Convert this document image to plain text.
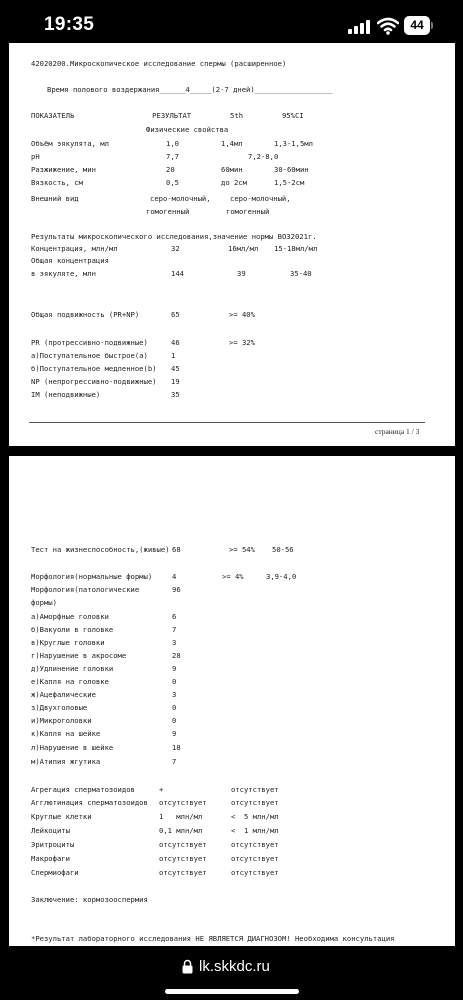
19:35	44
42020200.Микроскопическое исследование спермы (расширенное)
Время полового воздержания______4_____(2-7 дней)__________________
ПОКАЗАТЕЛЬ                  РЕЗУЛЬТАТ         5th         95%CI
Физические свойства
Объём эякулята, мл	1,0	1,4мл	1,3-1,5мл
pH	7,7	7,2-8,0
Разжижение, мин	20	60мин	30-60мин
Вязкость, см	0,5	до 2см	1,5-2см
Внешний вид	серо-молочный,	серо-молочный,
гомогенный	гомогенный
Результаты микроскопического исследования,значение нормы ВОЗ2021г.
Концентрация, млн/мл	32	16мл/мл 15-18мл/мл
Общая концентрация
в эякуляте, млн	144	39	35-40
Общая подвижность (PR+NP)	65	>= 40%
PR (протрессивно-подвижные)	46	>= 32%
а)Поступательное быстрое(а)	1
б)Поступательное медленное(b) 45
NP (непрогрессивно-подвижные) 19
IM (неподвижные)	35
страница 1 / 3
Тест на жизнеспособность,(живые) 68	>= 54% 50-56
Морфология(нормальные формы)	4	>= 4%	3,9-4,0
Морфология(патологические	96
формы)
а)Аморфные головки	6
б)Вакуоли в головке	7
в)Круглые головки	3
г)Нарушение в акросоме	28
д)Удлинение головки	9
е)Капля на головке	0
ж)Ацефалические	3
з)Двухголовые	0
и)Микроголовки	0
к)Капля на шейке	9
л)Нарушение в шейке	18
м)Атипия жгутика	7
Агрегация сперматозоидов	+	отсутствует
Агглютинация сперматозоидов отсутствует	отсутствует
Круглые клетки	1   млн/мл	<  5 млн/мл
Лейкоциты	0,1 млн/мл	<  1 млн/мл
Эритроциты	отсутствует	отсутствует
Макрофаги	отсутствует	отсутствует
Спермиофаги	отсутствует	отсутствует
Заключение: кормозооспермия
*Результат лабораторного исследования НЕ ЯВЛЯЕТСЯ ДИАГНОЗОМ! Необходима консультация
lk.skkdc.ru
